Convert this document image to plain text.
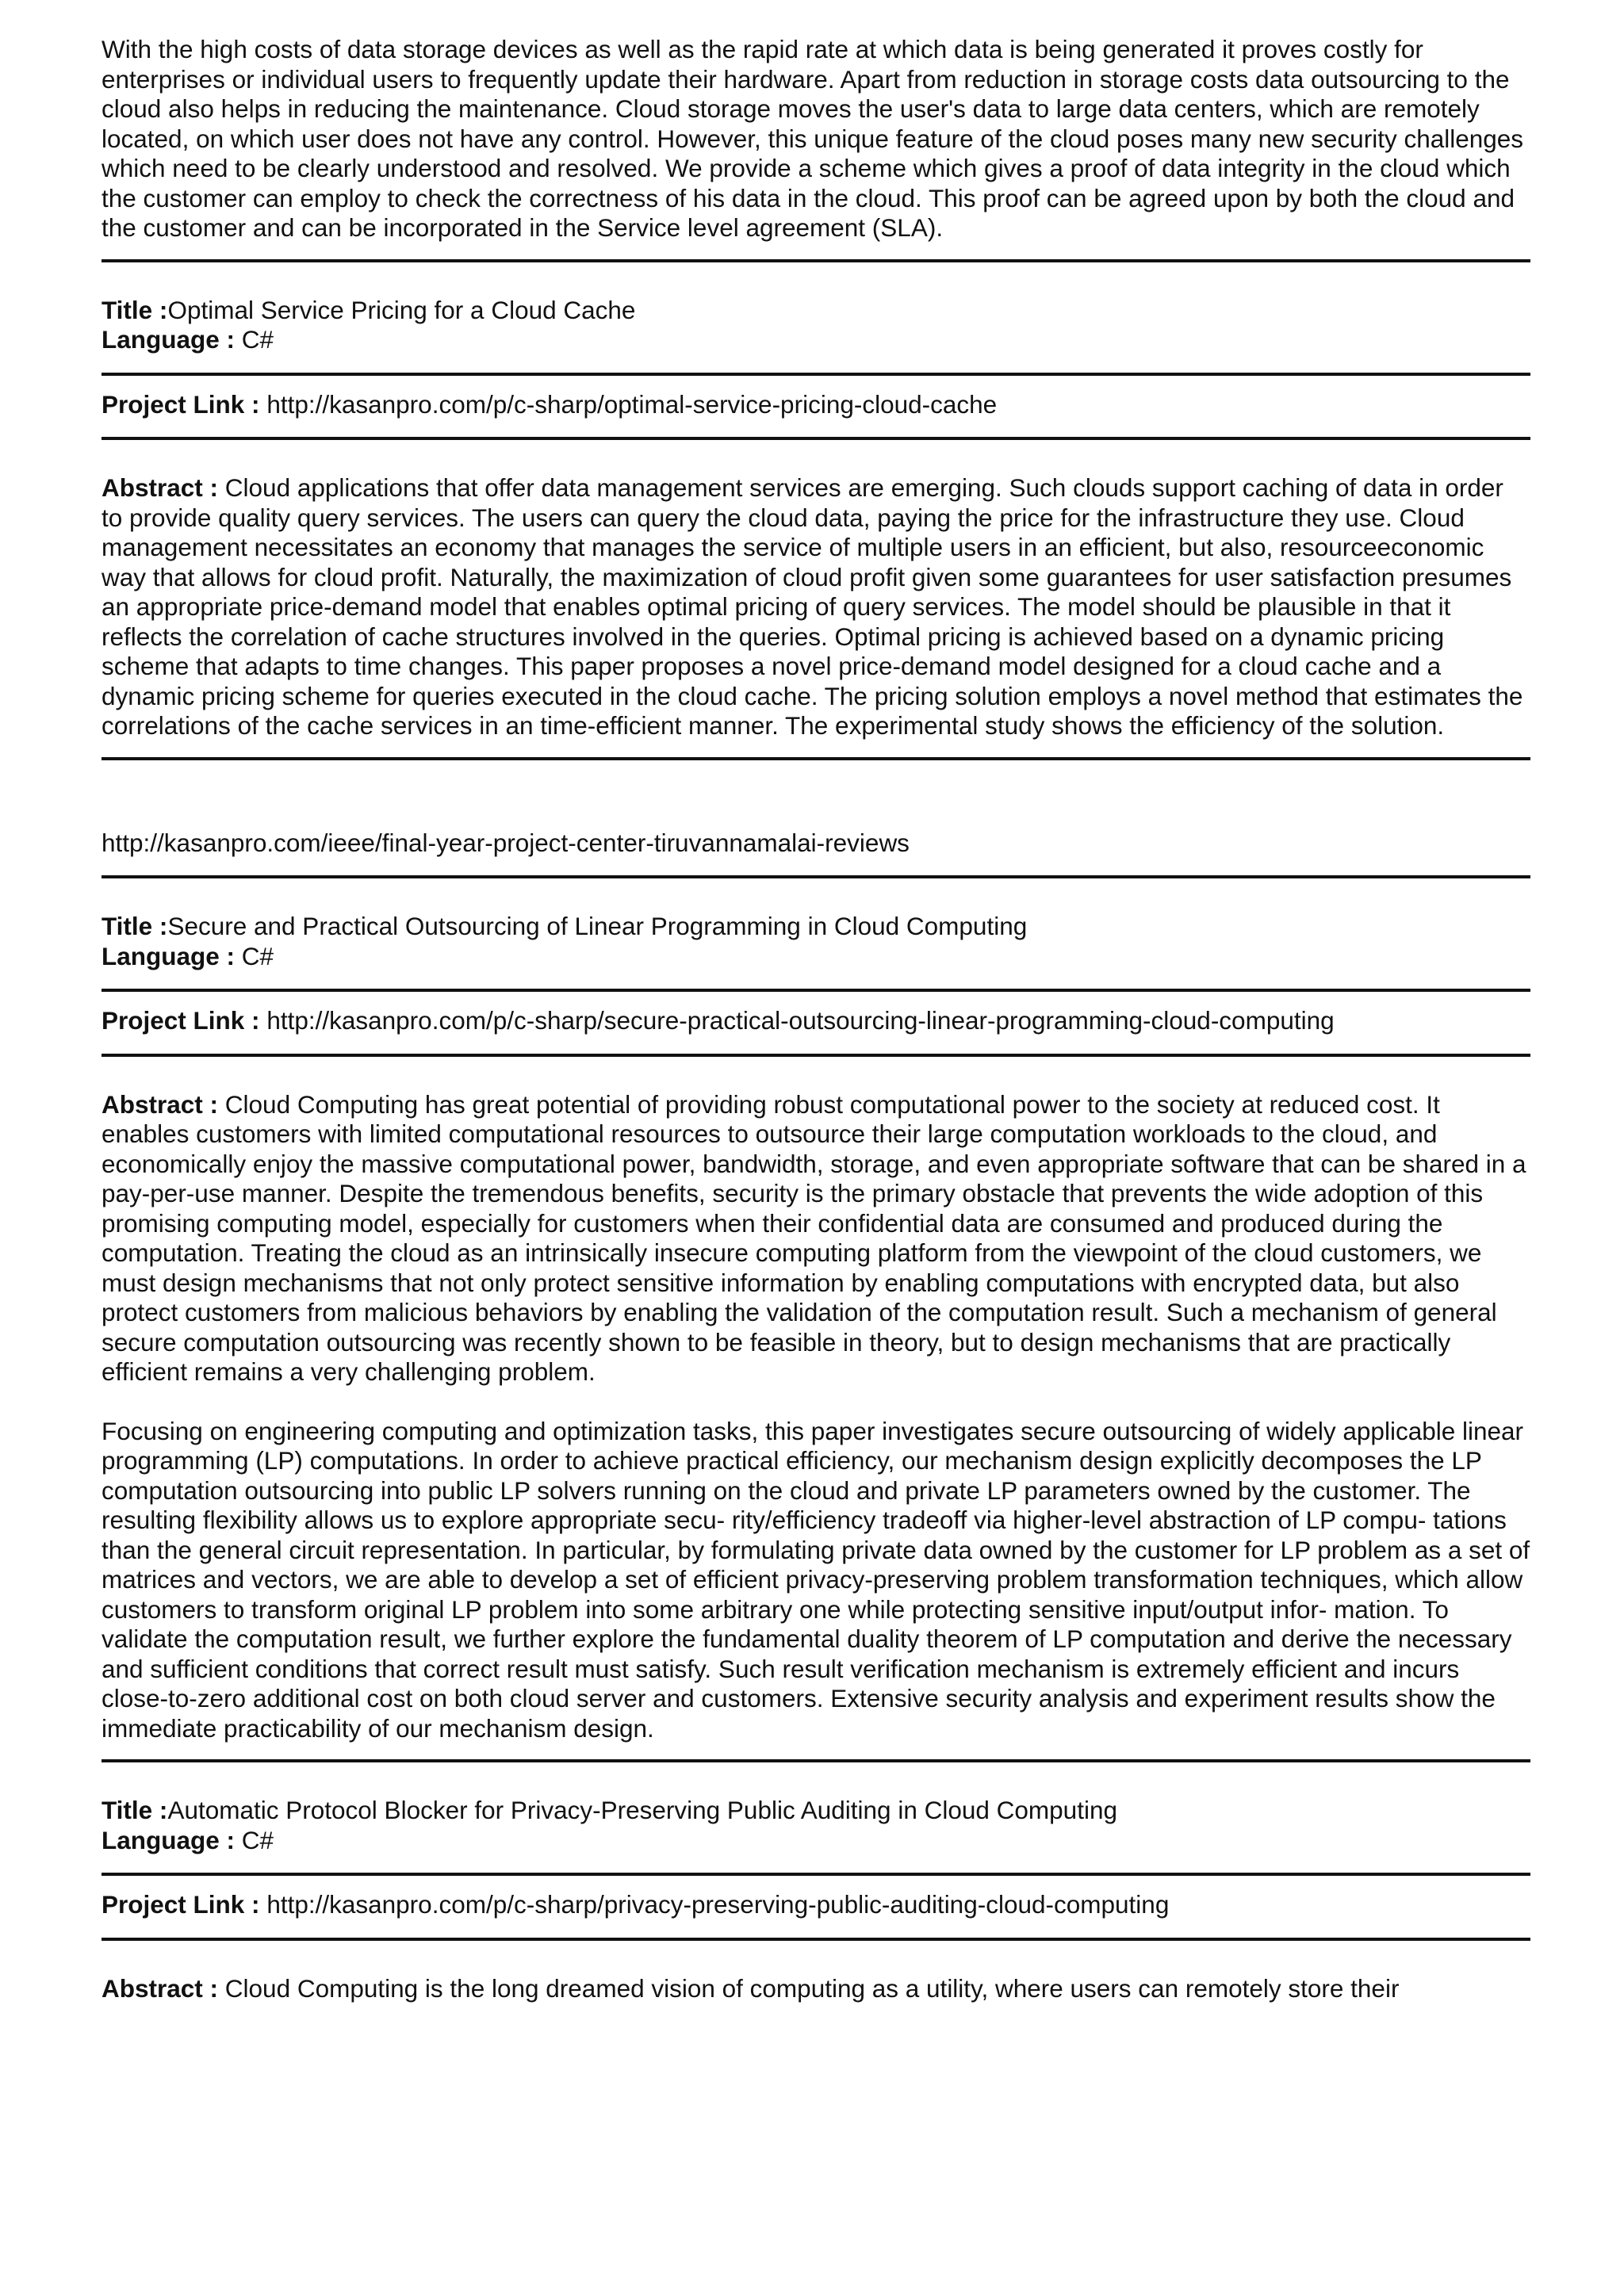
With the high costs of data storage devices as well as the rapid rate at which data is being generated it proves costly for enterprises or individual users to frequently update their hardware. Apart from reduction in storage costs data outsourcing to the cloud also helps in reducing the maintenance. Cloud storage moves the user's data to large data centers, which are remotely located, on which user does not have any control. However, this unique feature of the cloud poses many new security challenges which need to be clearly understood and resolved. We provide a scheme which gives a proof of data integrity in the cloud which the customer can employ to check the correctness of his data in the cloud. This proof can be agreed upon by both the cloud and the customer and can be incorporated in the Service level agreement (SLA).

Title :Optimal Service Pricing for a Cloud Cache

Language : C#

Project Link : http://kasanpro.com/p/c-sharp/optimal-service-pricing-cloud-cache

Abstract : Cloud applications that offer data management services are emerging. Such clouds support caching of data in order to provide quality query services. The users can query the cloud data, paying the price for the infrastructure they use. Cloud management necessitates an economy that manages the service of multiple users in an efficient, but also, resourceeconomic way that allows for cloud profit. Naturally, the maximization of cloud profit given some guarantees for user satisfaction presumes an appropriate price-demand model that enables optimal pricing of query services. The model should be plausible in that it reflects the correlation of cache structures involved in the queries. Optimal pricing is achieved based on a dynamic pricing scheme that adapts to time changes. This paper proposes a novel price-demand model designed for a cloud cache and a dynamic pricing scheme for queries executed in the cloud cache. The pricing solution employs a novel method that estimates the correlations of the cache services in an time-efficient manner. The experimental study shows the efficiency of the solution.

http://kasanpro.com/ieee/final-year-project-center-tiruvannamalai-reviews

Title :Secure and Practical Outsourcing of Linear Programming in Cloud Computing

Language : C#

Project Link : http://kasanpro.com/p/c-sharp/secure-practical-outsourcing-linear-programming-cloud-computing

Abstract : Cloud Computing has great potential of providing robust computational power to the society at reduced cost. It enables customers with limited computational resources to outsource their large computation workloads to the cloud, and economically enjoy the massive computational power, bandwidth, storage, and even appropriate software that can be shared in a pay-per-use manner. Despite the tremendous benefits, security is the primary obstacle that prevents the wide adoption of this promising computing model, especially for customers when their confidential data are consumed and produced during the computation. Treating the cloud as an intrinsically insecure computing platform from the viewpoint of the cloud customers, we must design mechanisms that not only protect sensitive information by enabling computations with encrypted data, but also protect customers from malicious behaviors by enabling the validation of the computation result. Such a mechanism of general secure computation outsourcing was recently shown to be feasible in theory, but to design mechanisms that are practically efficient remains a very challenging problem.

Focusing on engineering computing and optimization tasks, this paper investigates secure outsourcing of widely applicable linear programming (LP) computations. In order to achieve practical efficiency, our mechanism design explicitly decomposes the LP computation outsourcing into public LP solvers running on the cloud and private LP parameters owned by the customer. The resulting flexibility allows us to explore appropriate secu- rity/efficiency tradeoff via higher-level abstraction of LP compu- tations than the general circuit representation. In particular, by formulating private data owned by the customer for LP problem as a set of matrices and vectors, we are able to develop a set of efficient privacy-preserving problem transformation techniques, which allow customers to transform original LP problem into some arbitrary one while protecting sensitive input/output infor- mation. To validate the computation result, we further explore the fundamental duality theorem of LP computation and derive the necessary and sufficient conditions that correct result must satisfy. Such result verification mechanism is extremely efficient and incurs close-to-zero additional cost on both cloud server and customers. Extensive security analysis and experiment results show the immediate practicability of our mechanism design.

Title :Automatic Protocol Blocker for Privacy-Preserving Public Auditing in Cloud Computing

Language : C#

Project Link : http://kasanpro.com/p/c-sharp/privacy-preserving-public-auditing-cloud-computing

Abstract : Cloud Computing is the long dreamed vision of computing as a utility, where users can remotely store their
